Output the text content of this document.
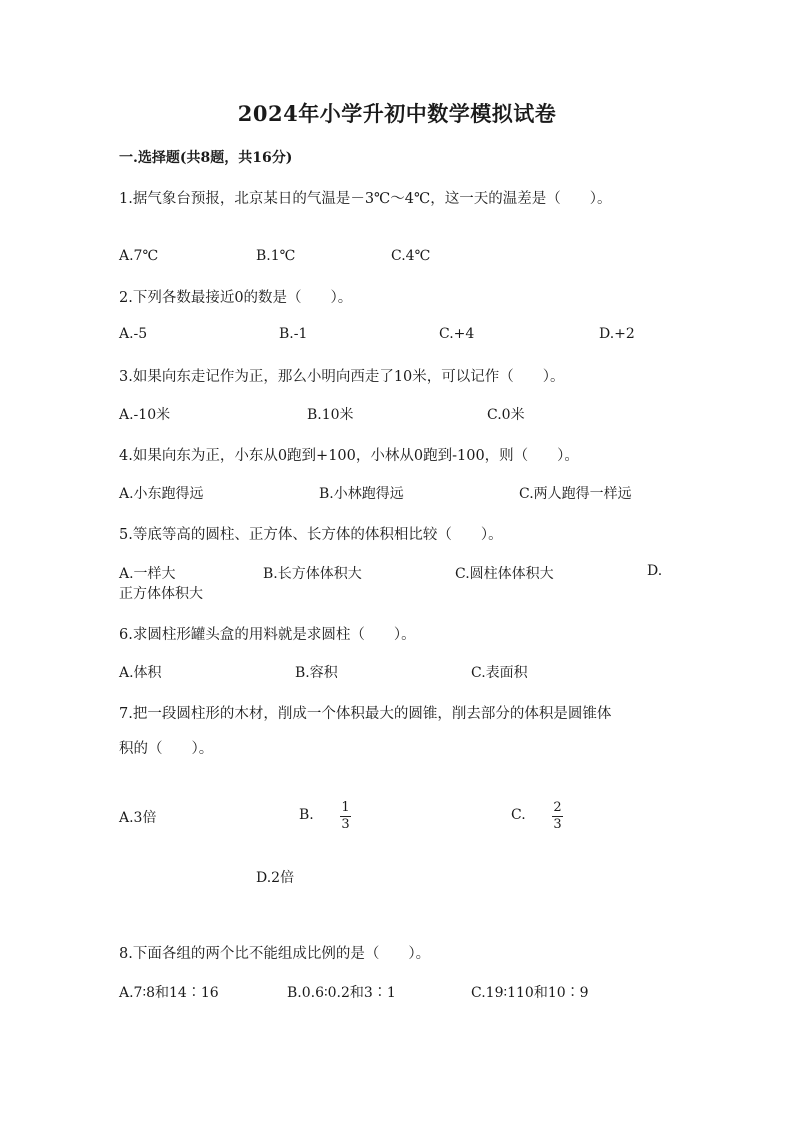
2024年小学升初中数学模拟试卷
一.选择题(共8题，共16分)
1.据气象台预报，北京某日的气温是－3℃～4℃，这一天的温差是（　　）。
A.7℃	B.1℃	C.4℃
2.下列各数最接近0的数是（　　）。
A.-5	B.-1	C.+4	D.+2
3.如果向东走记作为正，那么小明向西走了10米，可以记作（　　）。
A.-10米	B.10米	C.0米
4.如果向东为正，小东从0跑到+100，小林从0跑到-100，则（　　）。
A.小东跑得远	B.小林跑得远	C.两人跑得一样远
5.等底等高的圆柱、正方体、长方体的体积相比较（　　）。
A.一样大	B.长方体体积大	C.圆柱体体积大	D.
正方体体积大
6.求圆柱形罐头盒的用料就是求圆柱（　　）。
A.体积	B.容积	C.表面积
7.把一段圆柱形的木材，削成一个体积最大的圆锥，削去部分的体积是圆锥体
积的（　　）。
A.3倍	B. 1
3
C. 2
3
D.2倍
8.下面各组的两个比不能组成比例的是（　　）。
A.7∶8和14∶16	B.0.6∶0.2和3∶1	C.19∶110和10∶9
